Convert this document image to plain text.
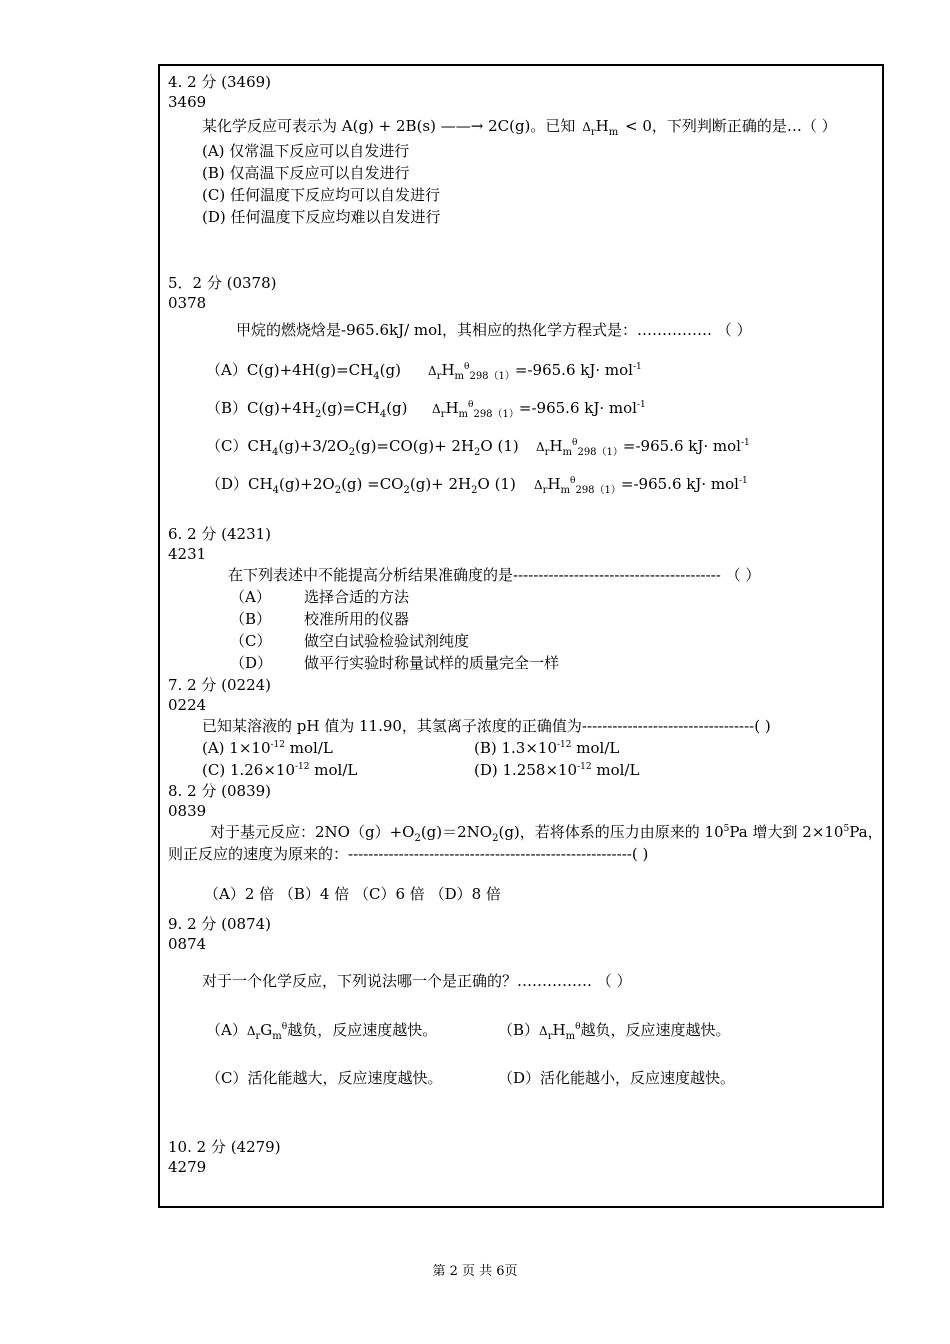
4. 2 分 (3469)
3469
某化学反应可表示为 A(g) + 2B(s) ——→ 2C(g)。已知 $\Delta_rH_m < 0$，下列判断正确的是…（ ）
(A) 仅常温下反应可以自发进行
(B) 仅高温下反应可以自发进行
(C) 任何温度下反应均可以自发进行
(D) 任何温度下反应均难以自发进行
5．2 分 (0378)
0378
甲烷的燃烧焓是-965.6kJ/ mol，其相应的热化学方程式是：…………… （ ）
$(A)C(g)+4H(g)=CH_4(g)$ $\Delta_rH_m^\theta_{298(1)}=-965.6$ kJ· mol$^{-1}$
$(B)C(g)+4H_2(g)=CH_4(g)$ $\Delta_rH_m^\theta_{298(1)}=-965.6$ kJ· mol$^{-1}$
$(C)CH_4(g)+3/2O_2(g)=CO(g)+ 2H_2O$ (1) $\Delta_rH_m^\theta_{298(1)}=-965.6$ kJ· mol$^{-1}$
$(D)CH_4(g)+2O_2(g) =CO_2(g)+ 2H_2O$ (1) $\Delta_rH_m^\theta_{298(1)}=-965.6$ kJ· mol$^{-1}$
6. 2 分 (4231)
4231
在下列表述中不能提高分析结果准确度的是----------------------------------------- （ ）
（A） 选择合适的方法
（B） 校准所用的仪器
（C） 做空白试验检验试剂纯度
（D） 做平行实验时称量试样的质量完全一样
7. 2 分 (0224)
0224
已知某溶液的 pH 值为 11.90，其氢离子浓度的正确值为----------------------------------( )
(A) $1\times 10^{-12}$ mol/L	(B) $1.3\times 10^{-12}$ mol/L
(C) $1.26\times 10^{-12}$ mol/L	(D) $1.258\times 10^{-12}$ mol/L
8. 2 分 (0839)
0839
对于基元反应：$2NO(g)+O_2(g)=2NO_2(g)$，若将体系的压力由原来的 $10^5Pa$ 增大到 $2\times 10^5Pa$，
则正反应的速度为原来的：--------------------------------------------------------( )
（A）2 倍 （B）4 倍 （C）6 倍 （D）8 倍
9. 2 分 (0874)
0874
对于一个化学反应，下列说法哪一个是正确的？…………… （ ）
$(A)\Delta_rG_m^\theta$越负，反应速度越快。	$(B)\Delta_rH_m^\theta$越负，反应速度越快。
（C）活化能越大，反应速度越快。	（D）活化能越小，反应速度越快。
10. 2 分 (4279)
4279
第 2 页 共 6页
